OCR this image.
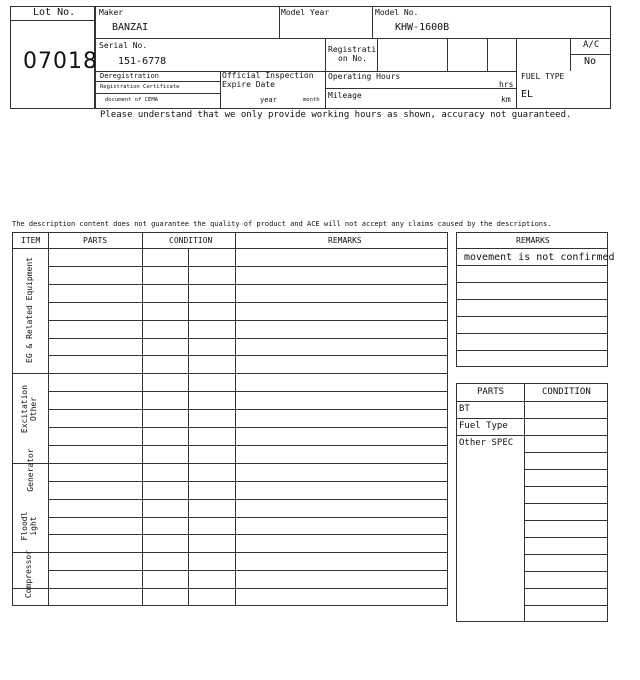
Lot No.
07018
Maker
BANZAI
Model Year	Model No.
KHW-1600B
Serial No.
151-6778
Registrati
on No.
A/C
No
Deregistration
Registration Certificate
document of CEMA
Official Inspection
Expire Date
year	month
Operating Hours
hrs
Mileage	km
FUEL TYPE
EL
Please understand that we only provide working hours as shown, accuracy not guaranteed.
The description content does not guarantee the quality of product and ACE will not accept any claims caused by the descriptions.
ITEM	PARTS	CONDITION	REMARKS
EG & Related Equipment
Excitation Other
Generator
Floodl ight
Compressor
REMARKS
movement is not confirmed
PARTS	CONDITION
BT
Fuel Type
Other SPEC
